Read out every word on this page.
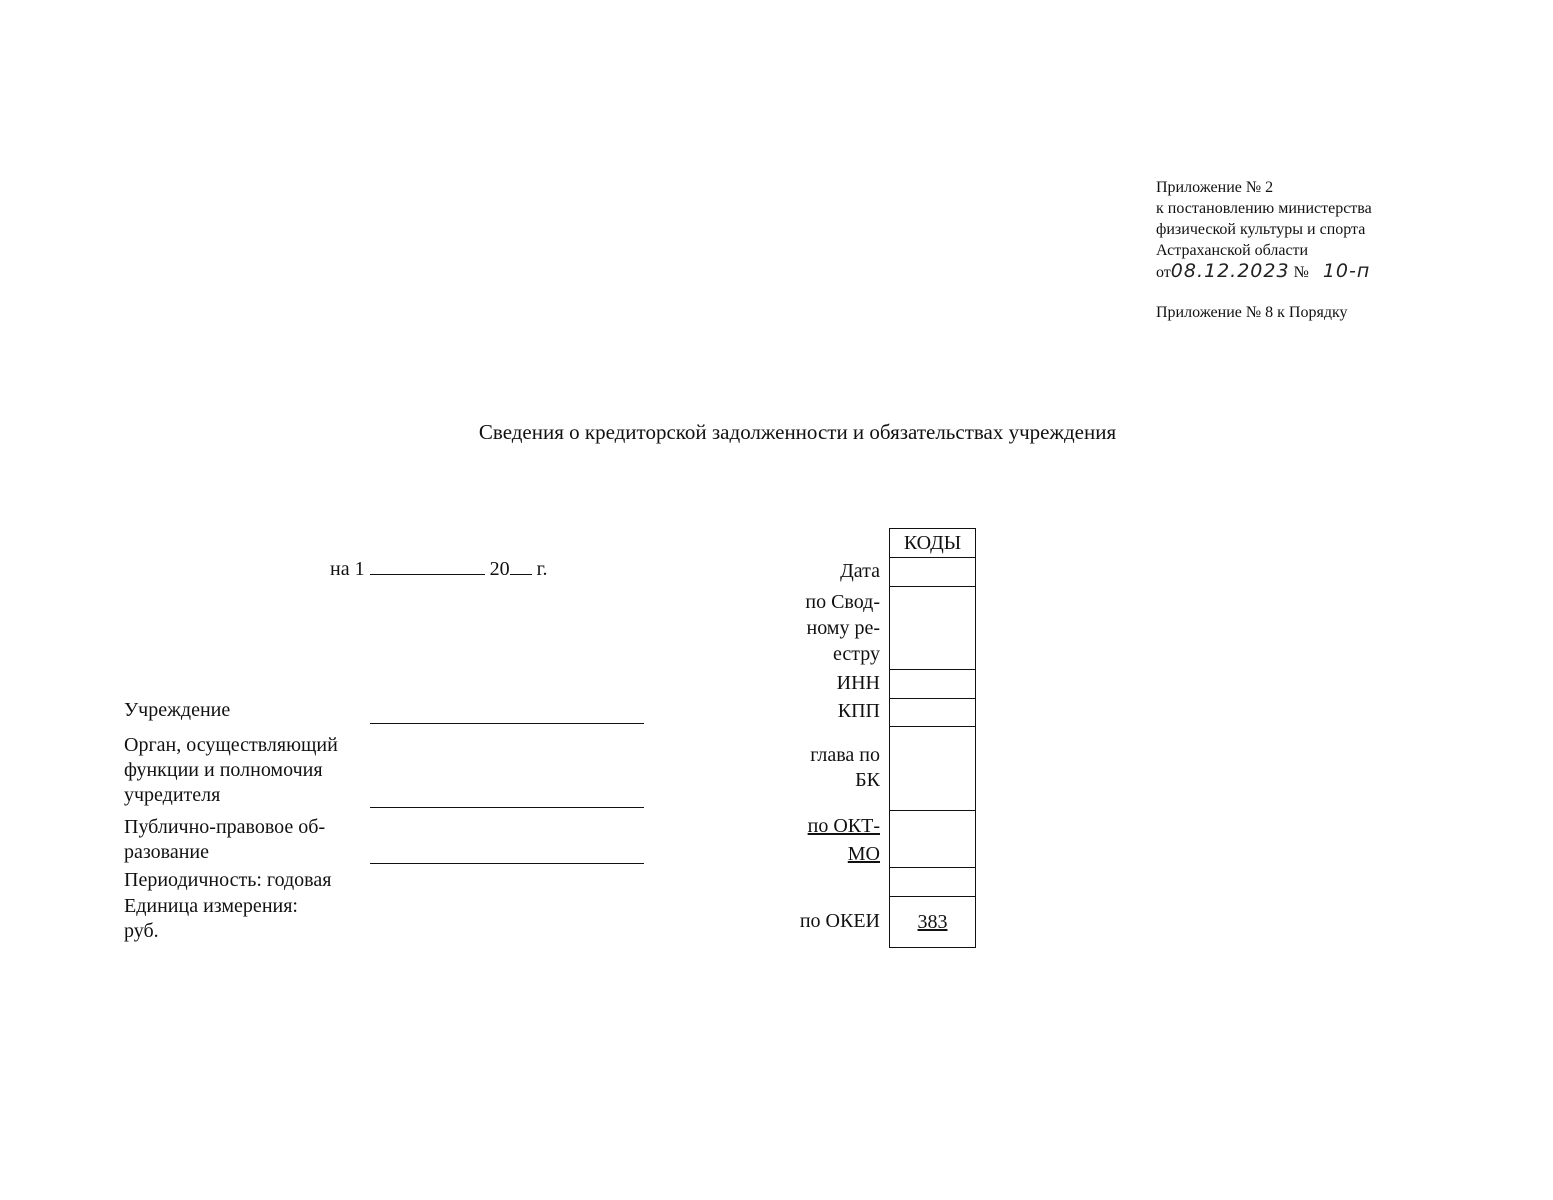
Приложение № 2
к постановлению министерства
физической культуры и спорта
Астраханской области
от08.12.2023 № 10-п
Приложение № 8 к Порядку
Сведения о кредиторской задолженности и обязательствах учреждения
на 1	20 г.
Учреждение
Орган, осуществляющий
функции и полномочия
учредителя
Публично-правовое об-
разование
Периодичность: годовая
Единица измерения:
руб.
Дата
по Свод-
ному ре-
естру
ИНН
КПП
глава по
БК
по ОКТ-
МО
по ОКЕИ
КОДЫ
383
